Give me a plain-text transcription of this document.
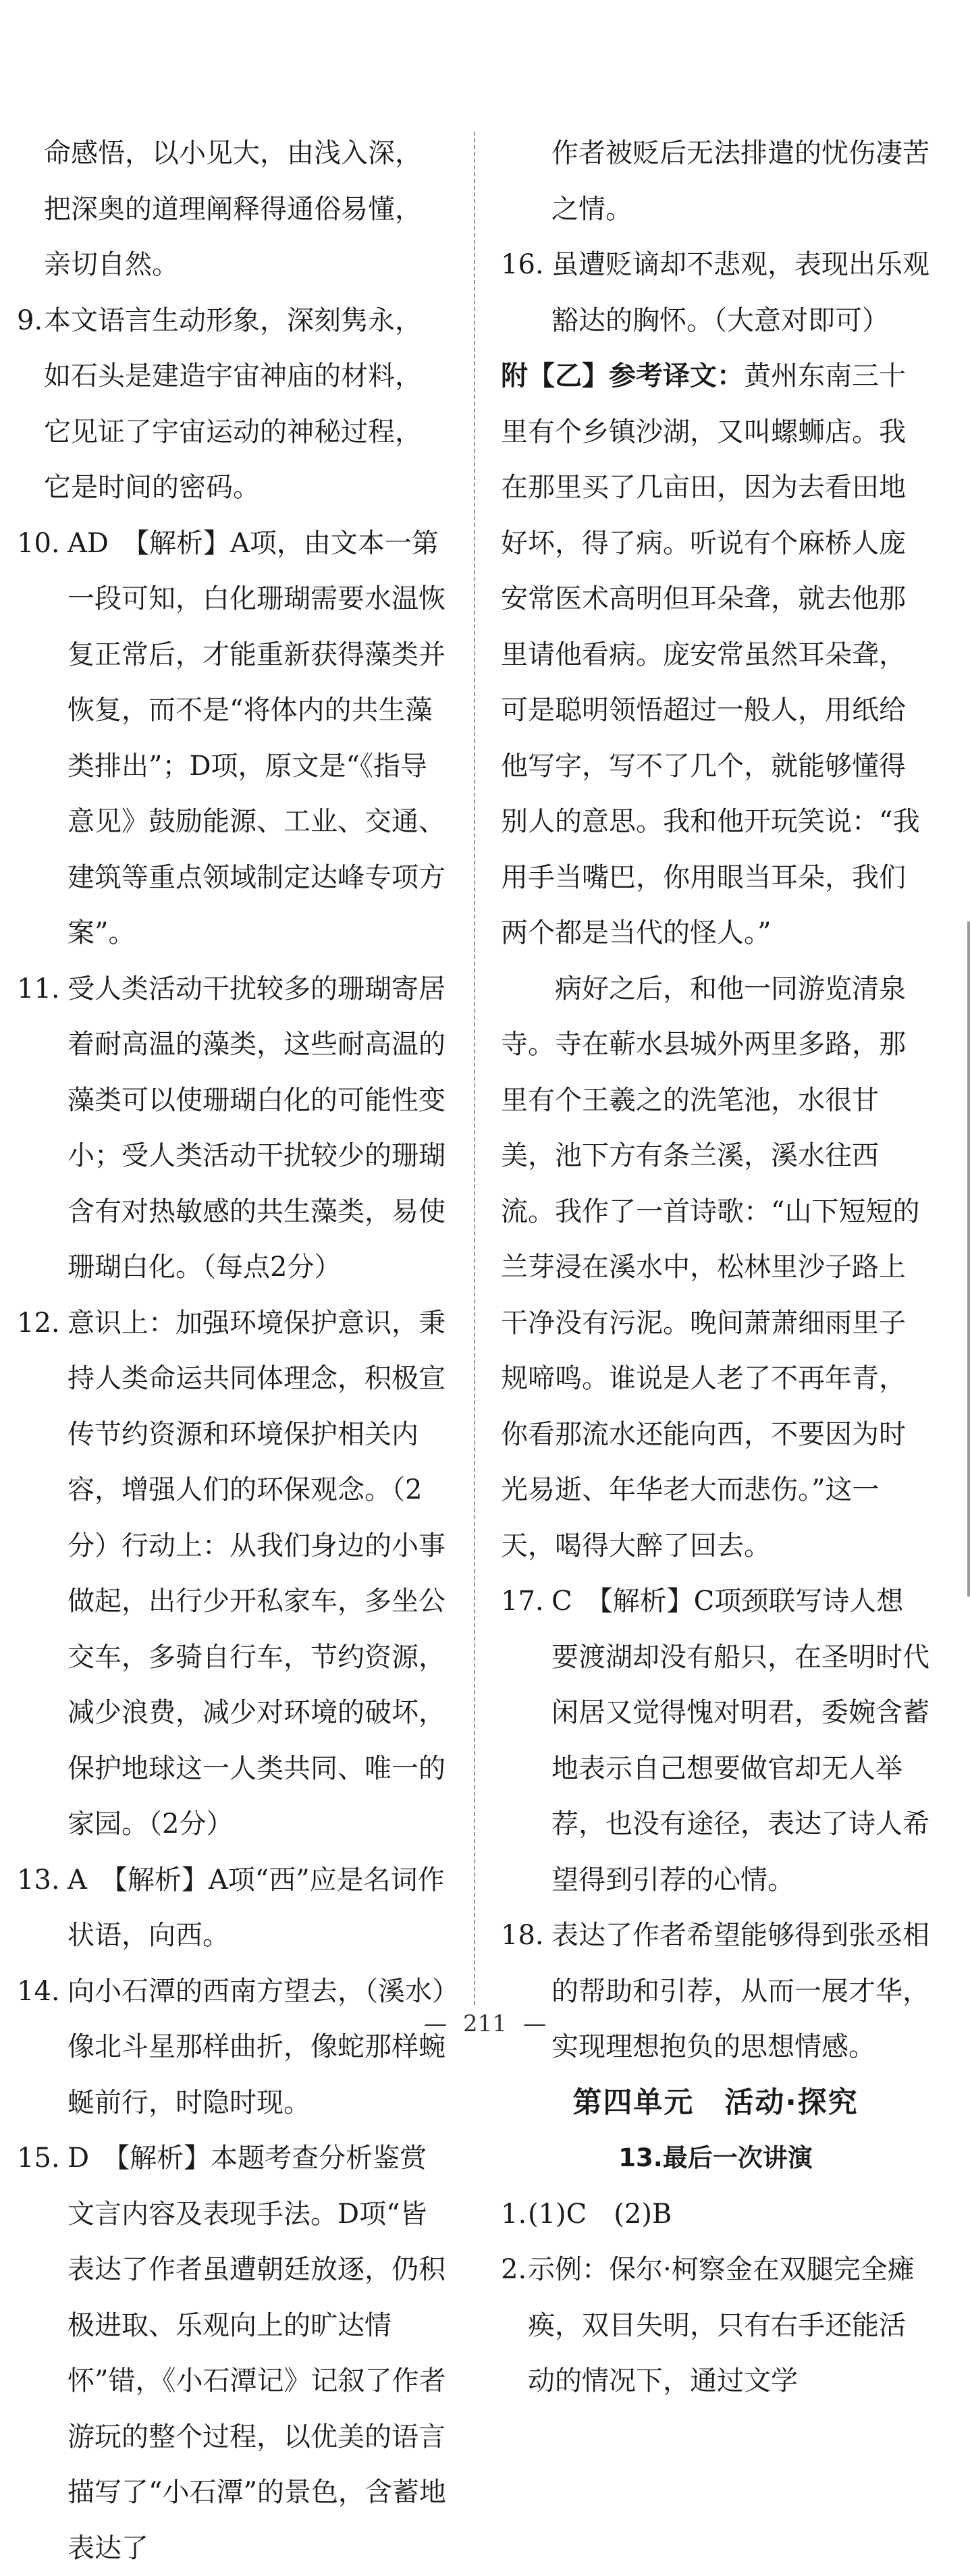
命感悟，以小见大，由浅入深，把深奥的道理阐释得通俗易懂，亲切自然。
9. 本文语言生动形象，深刻隽永，如石头是建造宇宙神庙的材料，它见证了宇宙运动的神秘过程，它是时间的密码。
10. AD　【解析】A项，由文本一第一段可知，白化珊瑚需要水温恢复正常后，才能重新获得藻类并恢复，而不是“将体内的共生藻类排出”；D项，原文是“《指导意见》鼓励能源、工业、交通、建筑等重点领域制定达峰专项方案”。
11. 受人类活动干扰较多的珊瑚寄居着耐高温的藻类，这些耐高温的藻类可以使珊瑚白化的可能性变小；受人类活动干扰较少的珊瑚含有对热敏感的共生藻类，易使珊瑚白化。（每点2分）
12. 意识上：加强环境保护意识，秉持人类命运共同体理念，积极宣传节约资源和环境保护相关内容，增强人们的环保观念。（2分）行动上：从我们身边的小事做起，出行少开私家车，多坐公交车，多骑自行车，节约资源，减少浪费，减少对环境的破坏，保护地球这一人类共同、唯一的家园。（2分）
13. A　【解析】A项“西”应是名词作状语，向西。
14. 向小石潭的西南方望去，（溪水）像北斗星那样曲折，像蛇那样蜿蜒前行，时隐时现。
15. D　【解析】本题考查分析鉴赏文言内容及表现手法。D项“皆表达了作者虽遭朝廷放逐，仍积极进取、乐观向上的旷达情怀”错，《小石潭记》记叙了作者游玩的整个过程，以优美的语言描写了“小石潭”的景色，含蓄地表达了
作者被贬后无法排遣的忧伤凄苦之情。
16. 虽遭贬谪却不悲观，表现出乐观豁达的胸怀。（大意对即可）
附【乙】参考译文：黄州东南三十里有个乡镇沙湖，又叫螺蛳店。我在那里买了几亩田，因为去看田地好坏，得了病。听说有个麻桥人庞安常医术高明但耳朵聋，就去他那里请他看病。庞安常虽然耳朵聋，可是聪明领悟超过一般人，用纸给他写字，写不了几个，就能够懂得别人的意思。我和他开玩笑说：“我用手当嘴巴，你用眼当耳朵，我们两个都是当代的怪人。”
病好之后，和他一同游览清泉寺。寺在蕲水县城外两里多路，那里有个王羲之的洗笔池，水很甘美，池下方有条兰溪，溪水往西流。我作了一首诗歌：“山下短短的兰芽浸在溪水中，松林里沙子路上干净没有污泥。晚间萧萧细雨里子规啼鸣。谁说是人老了不再年青，你看那流水还能向西，不要因为时光易逝、年华老大而悲伤。”这一天，喝得大醉了回去。
17. C　【解析】C项颈联写诗人想要渡湖却没有船只，在圣明时代闲居又觉得愧对明君，委婉含蓄地表示自己想要做官却无人举荐，也没有途径，表达了诗人希望得到引荐的心情。
18. 表达了作者希望能够得到张丞相的帮助和引荐，从而一展才华，实现理想抱负的思想情感。
第四单元　活动·探究
13.最后一次讲演
1. (1)C　(2)B
2. 示例：保尔·柯察金在双腿完全瘫痪，双目失明，只有右手还能活动的情况下，通过文学
— 211 —
